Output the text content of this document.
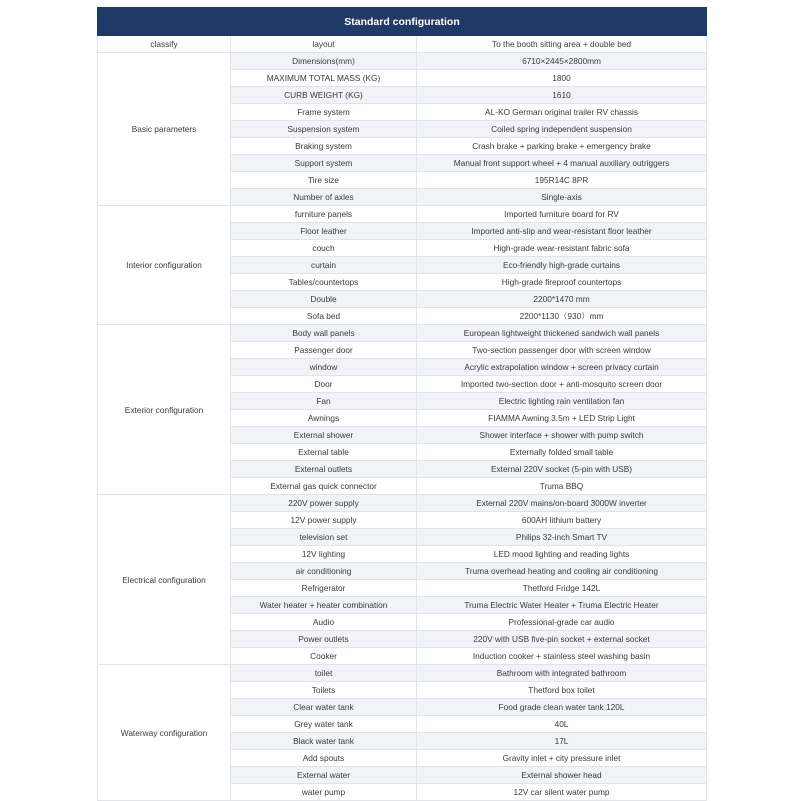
Standard configuration		
classify	layout	To the booth sitting area + double bed
Basic parameters	Dimensions(mm)	6710×2445×2800mm
	MAXIMUM TOTAL MASS (KG)	1800
	CURB WEIGHT (KG)	1610
	Frame system	AL-KO German original trailer RV chassis
	Suspension system	Coiled spring independent suspension
	Braking system	Crash brake + parking brake + emergency brake
	Support system	Manual front support wheel + 4 manual auxiliary outriggers
	Tire size	195R14C 8PR
	Number of axles	Single-axis
Interior configuration	furniture panels	Imported furniture board for RV
	Floor leather	Imported anti-slip and wear-resistant floor leather
	couch	High-grade wear-resistant fabric sofa
	curtain	Eco-friendly high-grade curtains
	Tables/countertops	High-grade fireproof countertops
	Double	2200*1470 mm
	Sofa bed	2200*1130（930）mm
Exterior configuration	Body wall panels	European lightweight thickened sandwich wall panels
	Passenger door	Two-section passenger door with screen window
	window	Acrylic extrapolation window + screen privacy curtain
	Door	Imported two-section door + anti-mosquito screen door
	Fan	Electric lighting rain ventilation fan
	Awnings	FIAMMA Awning 3.5m + LED Strip Light
	External shower	Shower interface + shower with pump switch
	External table	Externally folded small table
	External outlets	External 220V socket (5-pin with USB)
	External gas quick connector	Truma BBQ
Electrical configuration	220V power supply	External 220V mains/on-board 3000W inverter
	12V power supply	600AH lithium battery
	television set	Philips 32-inch Smart TV
	12V lighting	LED mood lighting and reading lights
	air conditioning	Truma overhead heating and cooling air conditioning
	Refrigerator	Thetford Fridge 142L
	Water heater + heater combination	Truma Electric Water Heater + Truma Electric Heater
	Audio	Professional-grade car audio
	Power outlets	220V with USB five-pin socket + external socket
	Cooker	Induction cooker + stainless steel washing basin
Waterway configuration	toilet	Bathroom with integrated bathroom
	Toilets	Thetford box toilet
	Clear water tank	Food grade clean water tank 120L
	Grey water tank	40L
	Black water tank	17L
	Add spouts	Gravity inlet + city pressure inlet
	External water	External shower head
	water pump	12V car silent water pump
